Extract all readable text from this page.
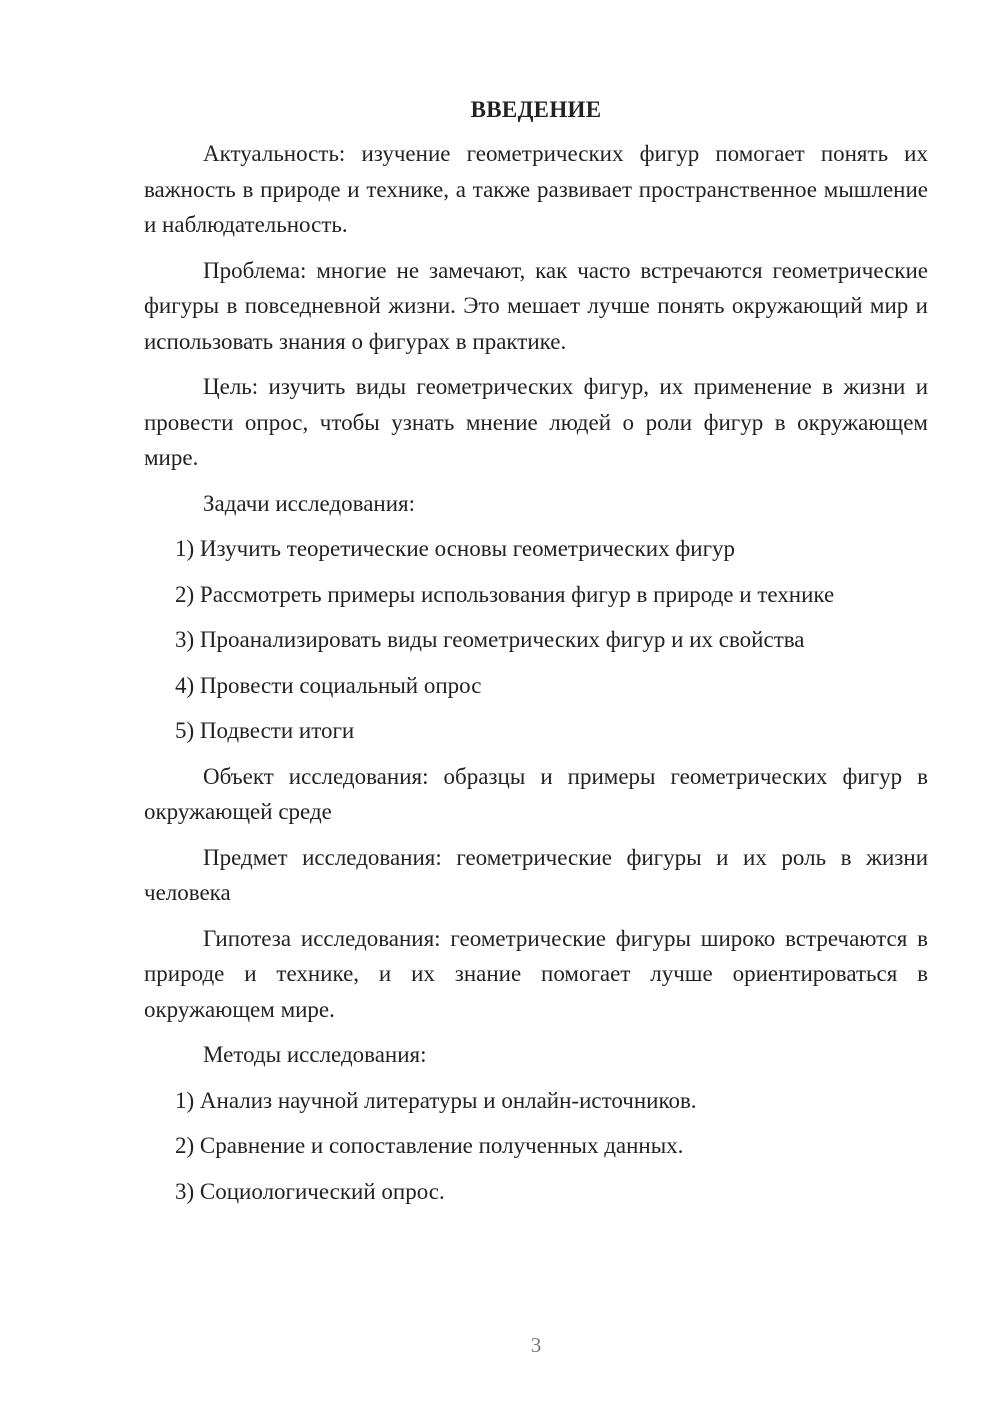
ВВЕДЕНИЕ

Актуальность: изучение геометрических фигур помогает понять их важность в природе и технике, а также развивает пространственное мышление и наблюдательность.

Проблема: многие не замечают, как часто встречаются геометрические фигуры в повседневной жизни. Это мешает лучше понять окружающий мир и использовать знания о фигурах в практике.

Цель: изучить виды геометрических фигур, их применение в жизни и провести опрос, чтобы узнать мнение людей о роли фигур в окружающем мире.

Задачи исследования:

1) Изучить теоретические основы геометрических фигур
2) Рассмотреть примеры использования фигур в природе и технике
3) Проанализировать виды геометрических фигур и их свойства
4) Провести социальный опрос
5) Подвести итоги

Объект исследования: образцы и примеры геометрических фигур в окружающей среде

Предмет исследования: геометрические фигуры и их роль в жизни человека

Гипотеза исследования: геометрические фигуры широко встречаются в природе и технике, и их знание помогает лучше ориентироваться в окружающем мире.

Методы исследования:

1) Анализ научной литературы и онлайн-источников.
2) Сравнение и сопоставление полученных данных.
3) Социологический опрос.
3
